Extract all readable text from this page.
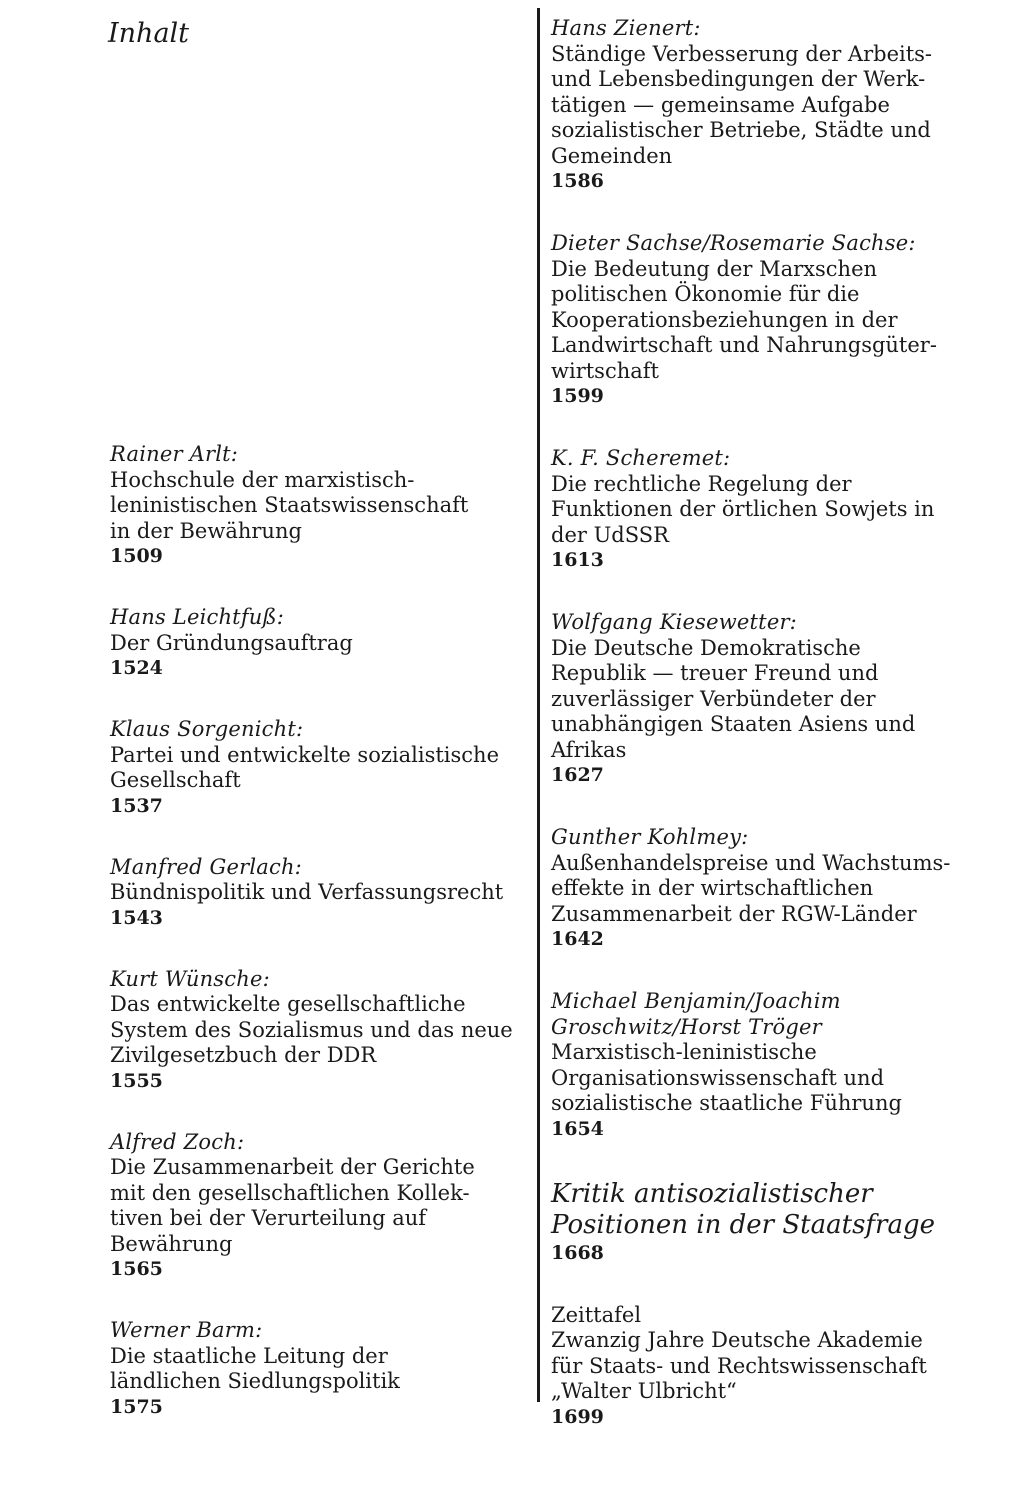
Inhalt
Rainer Arlt:
Hochschule der marxistisch-
leninistischen Staatswissenschaft
in der Bewährung
1509
Hans Leichtfuß:
Der Gründungsauftrag
1524
Klaus Sorgenicht:
Partei und entwickelte sozialistische
Gesellschaft
1537
Manfred Gerlach:
Bündnispolitik und Verfassungsrecht
1543
Kurt Wünsche:
Das entwickelte gesellschaftliche
System des Sozialismus und das neue
Zivilgesetzbuch der DDR
1555
Alfred Zoch:
Die Zusammenarbeit der Gerichte
mit den gesellschaftlichen Kollek-
tiven bei der Verurteilung auf
Bewährung
1565
Werner Barm:
Die staatliche Leitung der
ländlichen Siedlungspolitik
1575
Hans Zienert:
Ständige Verbesserung der Arbeits-
und Lebensbedingungen der Werk-
tätigen — gemeinsame Aufgabe
sozialistischer Betriebe, Städte und
Gemeinden
1586
Dieter Sachse/Rosemarie Sachse:
Die Bedeutung der Marxschen
politischen Ökonomie für die
Kooperationsbeziehungen in der
Landwirtschaft und Nahrungsgüter-
wirtschaft
1599
K. F. Scheremet:
Die rechtliche Regelung der
Funktionen der örtlichen Sowjets in
der UdSSR
1613
Wolfgang Kiesewetter:
Die Deutsche Demokratische
Republik — treuer Freund und
zuverlässiger Verbündeter der
unabhängigen Staaten Asiens und
Afrikas
1627
Gunther Kohlmey:
Außenhandelspreise und Wachstums-
effekte in der wirtschaftlichen
Zusammenarbeit der RGW-Länder
1642
Michael Benjamin/Joachim
Groschwitz/Horst Tröger
Marxistisch-leninistische
Organisationswissenschaft und
sozialistische staatliche Führung
1654
Kritik antisozialistischer
Positionen in der Staatsfrage
1668
Zeittafel
Zwanzig Jahre Deutsche Akademie
für Staats- und Rechtswissenschaft
„Walter Ulbricht“
1699
